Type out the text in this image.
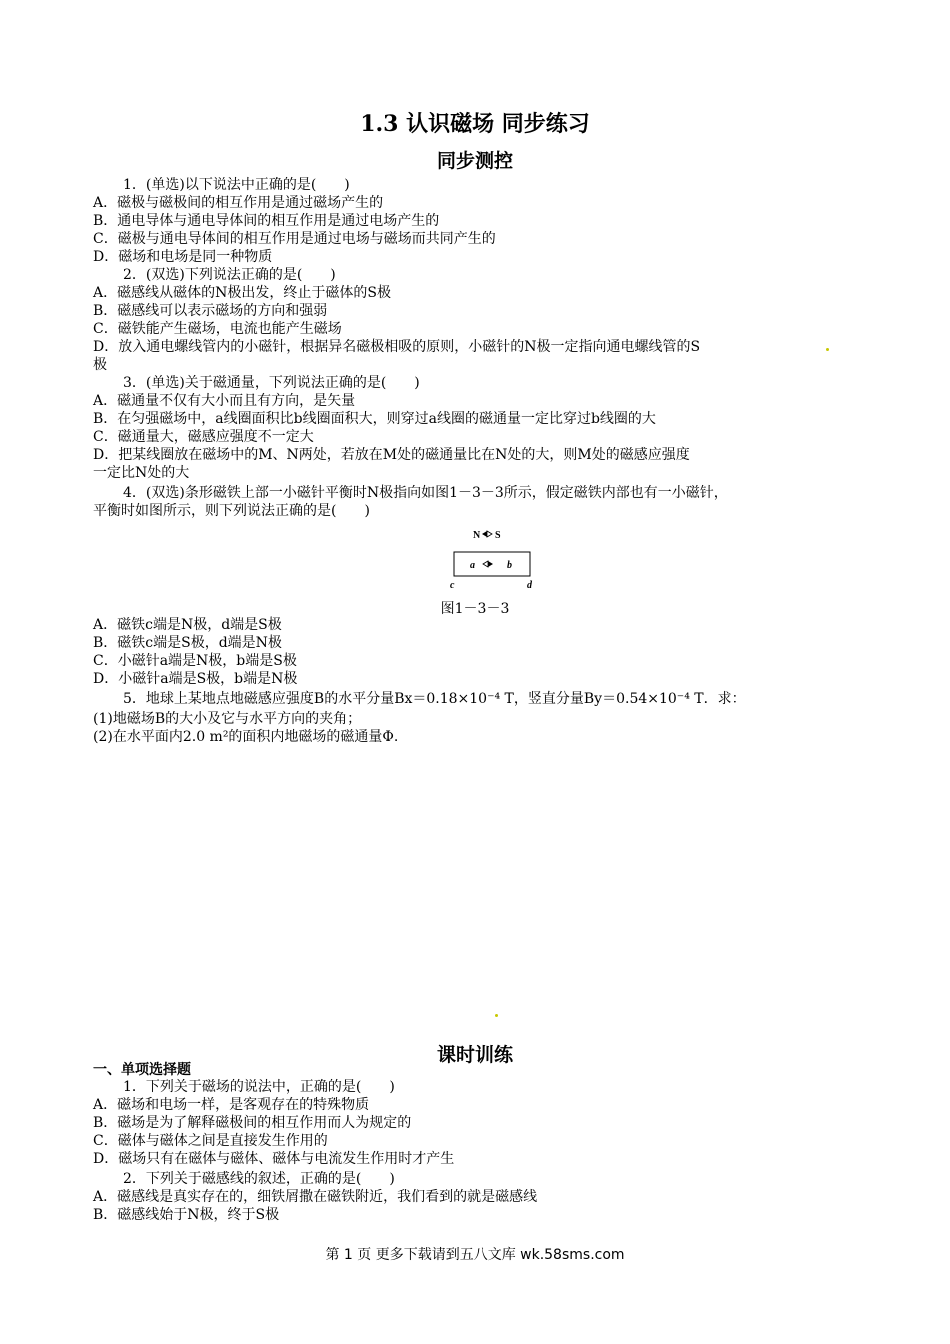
1.3 认识磁场 同步练习
同步测控
1．(单选)以下说法中正确的是(　　)
A．磁极与磁极间的相互作用是通过磁场产生的
B．通电导体与通电导体间的相互作用是通过电场产生的
C．磁极与通电导体间的相互作用是通过电场与磁场而共同产生的
D．磁场和电场是同一种物质
2．(双选)下列说法正确的是(　　)
A．磁感线从磁体的N极出发，终止于磁体的S极
B．磁感线可以表示磁场的方向和强弱
C．磁铁能产生磁场，电流也能产生磁场
D．放入通电螺线管内的小磁针，根据异名磁极相吸的原则，小磁针的N极一定指向通电螺线管的S
极
3．(单选)关于磁通量，下列说法正确的是(　　)
A．磁通量不仅有大小而且有方向，是矢量
B．在匀强磁场中，a线圈面积比b线圈面积大，则穿过a线圈的磁通量一定比穿过b线圈的大
C．磁通量大，磁感应强度不一定大
D．把某线圈放在磁场中的M、N两处，若放在M处的磁通量比在N处的大，则M处的磁感应强度
一定比N处的大
4．(双选)条形磁铁上部一小磁针平衡时N极指向如图1－3－3所示，假定磁铁内部也有一小磁针，
平衡时如图所示，则下列说法正确的是(　　)
N S
a	b
c	d
图1－3－3
A．磁铁c端是N极，d端是S极
B．磁铁c端是S极，d端是N极
C．小磁针a端是N极，b端是S极
D．小磁针a端是S极，b端是N极
5．地球上某地点地磁感应强度B的水平分量Bx＝0.18×10⁻⁴ T，竖直分量By＝0.54×10⁻⁴ T．求：
(1)地磁场B的大小及它与水平方向的夹角；
(2)在水平面内2.0 m²的面积内地磁场的磁通量Φ.
课时训练
一、单项选择题
1．下列关于磁场的说法中，正确的是(　　)
A．磁场和电场一样，是客观存在的特殊物质
B．磁场是为了解释磁极间的相互作用而人为规定的
C．磁体与磁体之间是直接发生作用的
D．磁场只有在磁体与磁体、磁体与电流发生作用时才产生
2．下列关于磁感线的叙述，正确的是(　　)
A．磁感线是真实存在的，细铁屑撒在磁铁附近，我们看到的就是磁感线
B．磁感线始于N极，终于S极
第 1 页 更多下载请到五八文库 wk.58sms.com
